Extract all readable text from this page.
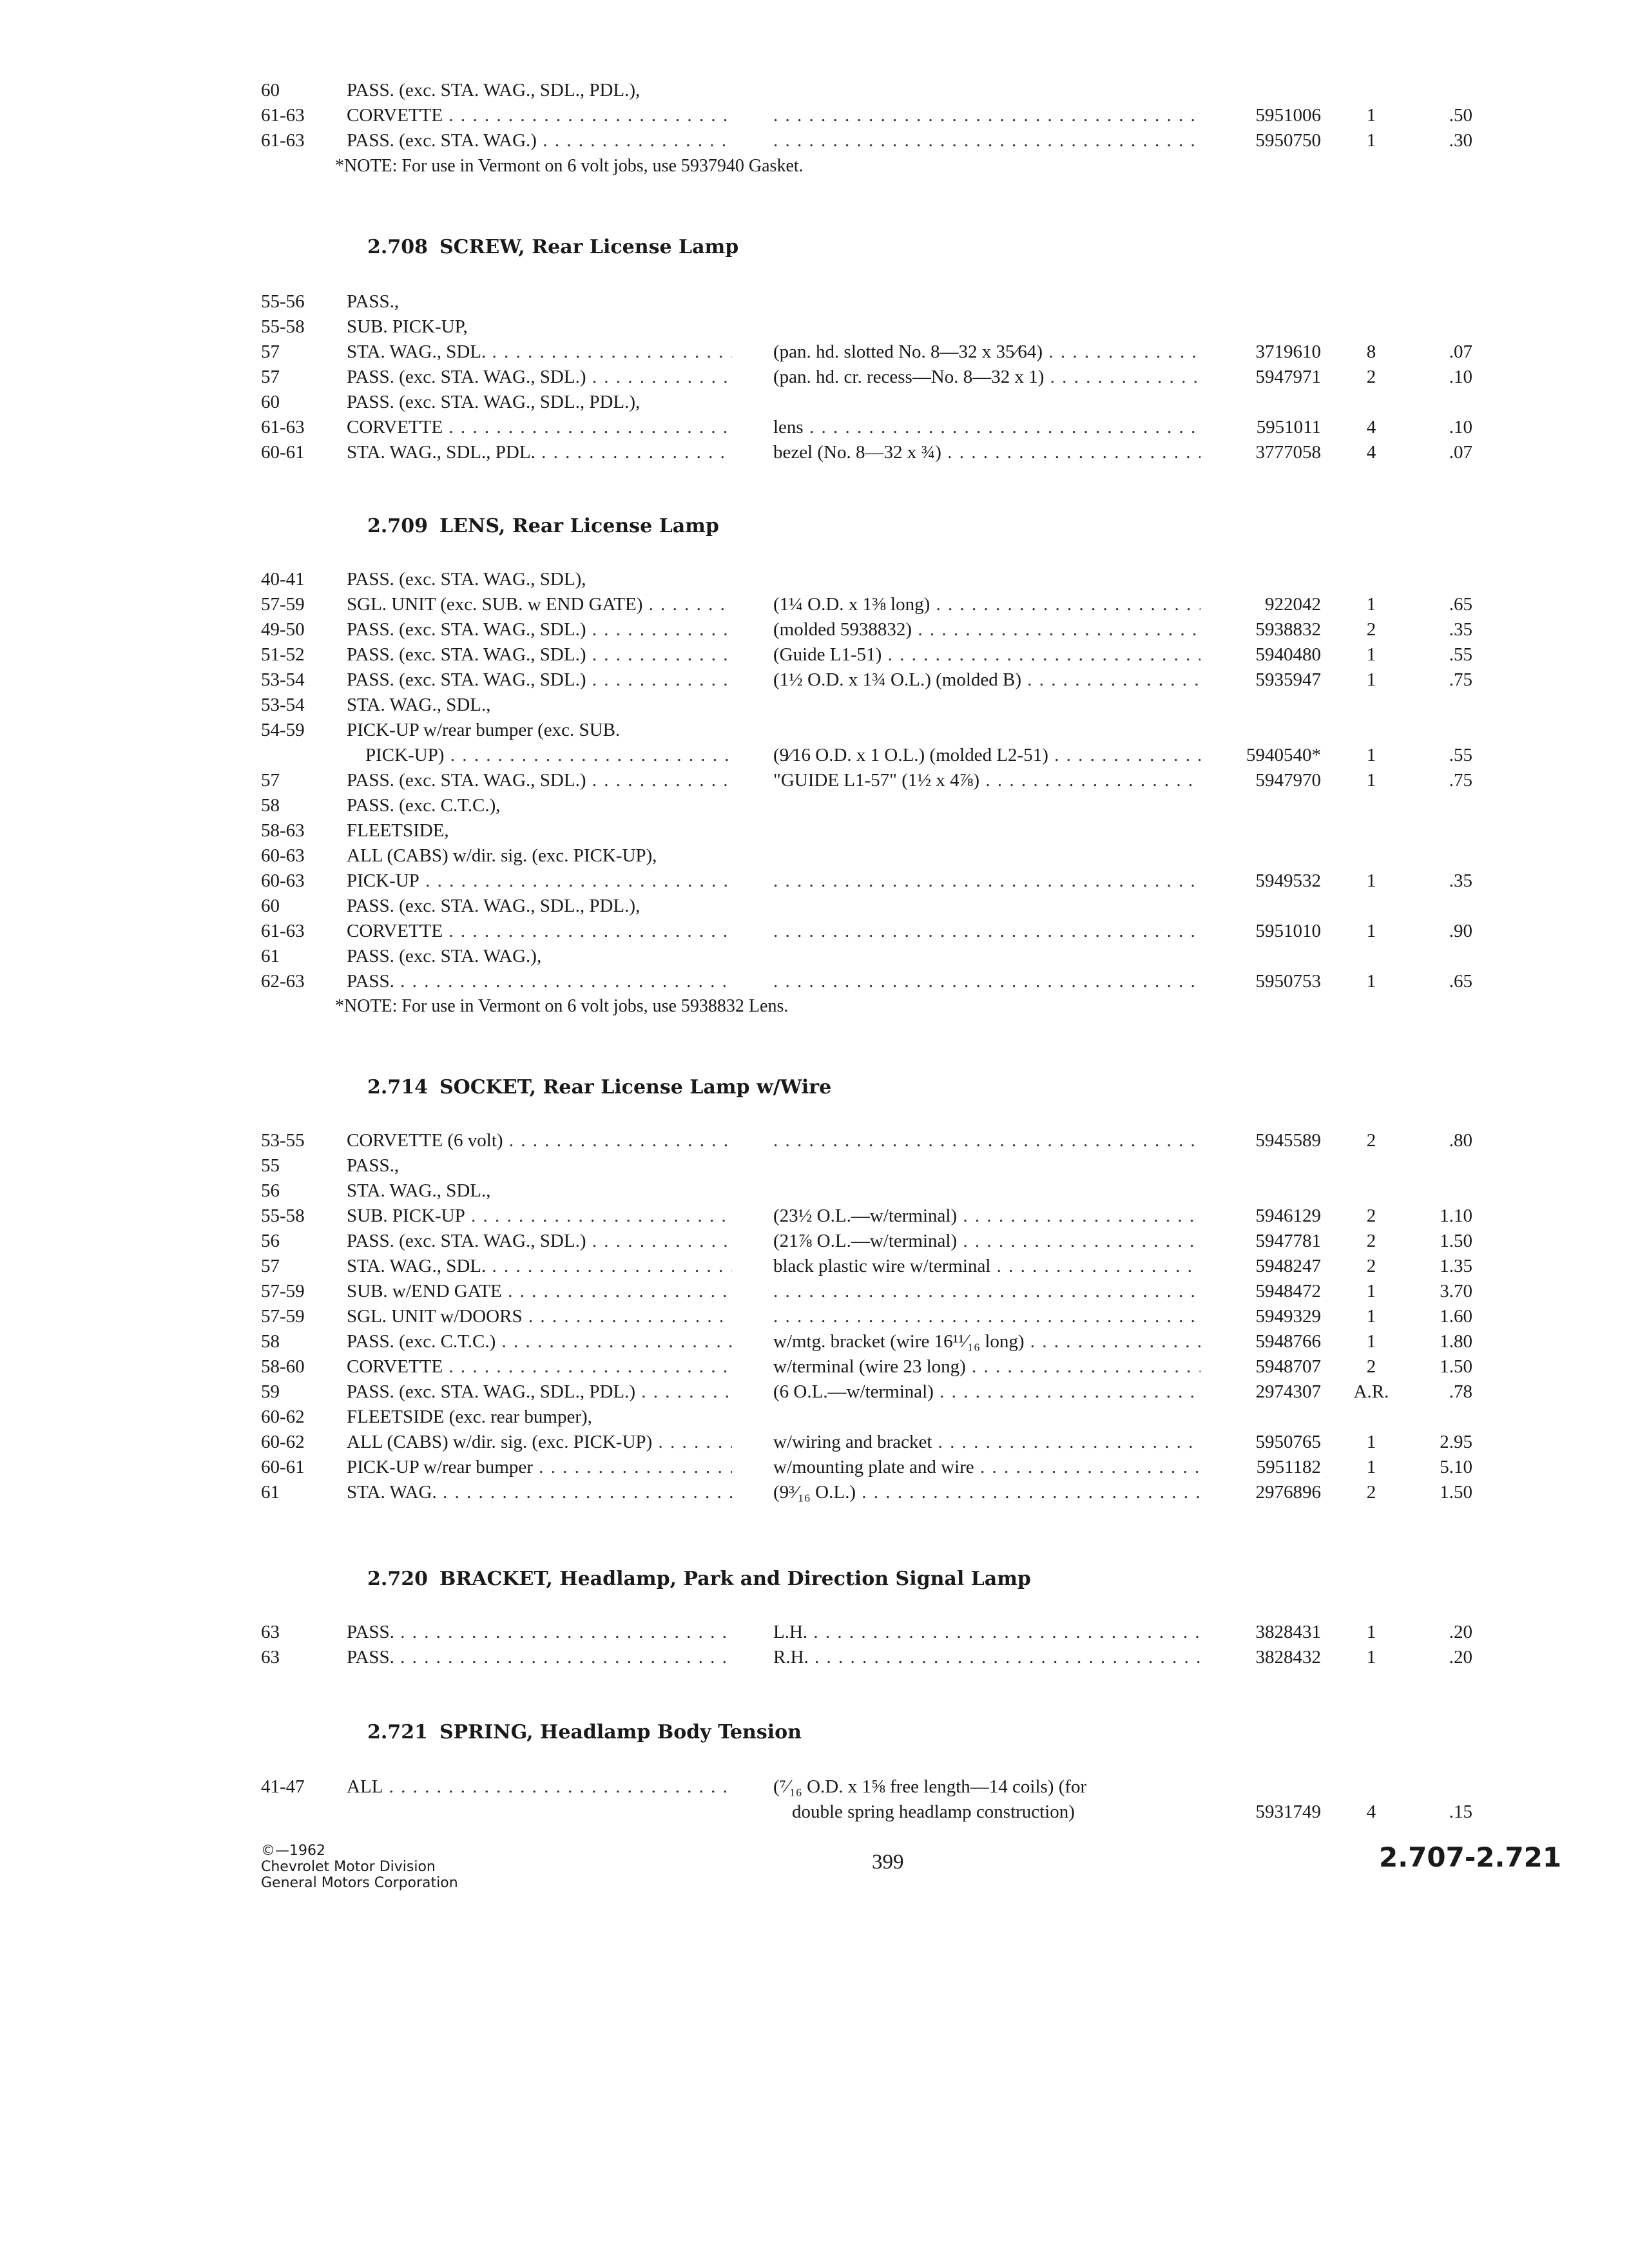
60	PASS. (exc. STA. WAG., SDL., PDL.),
61-63	CORVETTE . . . . . .	5951006	1	.50
61-63	PASS. (exc. STA. WAG.) . . . . . .	5950750	1	.30
*NOTE: For use in Vermont on 6 volt jobs, use 5937940 Gasket.
2.708 SCREW, Rear License Lamp
55-56	PASS.,
55-58	SUB. PICK-UP,
57	STA. WAG., SDL. . . .	(pan. hd. slotted No. 8—32 x 35⁄64) . . .	3719610	8	.07
57	PASS. (exc. STA. WAG., SDL.) . . .	(pan. hd. cr. recess—No. 8—32 x 1) . . .	5947971	2	.10
60	PASS. (exc. STA. WAG., SDL., PDL.),
61-63	CORVETTE . . .	lens . . .	5951011	4	.10
60-61	STA. WAG., SDL., PDL. . . .	bezel (No. 8—32 x ¾) . . .	3777058	4	.07
2.709 LENS, Rear License Lamp
40-41	PASS. (exc. STA. WAG., SDL),
57-59	SGL. UNIT (exc. SUB. w END GATE) . . .	(1¼ O.D. x 1⅜ long) . . .	922042	1	.65
49-50	PASS. (exc. STA. WAG., SDL.) . . .	(molded 5938832) . . .	5938832	2	.35
51-52	PASS. (exc. STA. WAG., SDL.) . . .	(Guide L1-51) . . .	5940480	1	.55
53-54	PASS. (exc. STA. WAG., SDL.) . . .	(1½ O.D. x 1¾ O.L.) (molded B) . . .	5935947	1	.75
53-54	STA. WAG., SDL.,
54-59	PICK-UP w/rear bumper (exc. SUB.
PICK-UP) . . .	(9⁄16 O.D. x 1 O.L.) (molded L2-51) . . .	5940540*	1	.55
57	PASS. (exc. STA. WAG., SDL.) . . .	"GUIDE L1-57" (1½ x 4⅞) . . .	5947970	1	.75
58	PASS. (exc. C.T.C.),
58-63	FLEETSIDE,
60-63	ALL (CABS) w/dir. sig. (exc. PICK-UP),
60-63	PICK-UP . . . . . .	5949532	1	.35
60	PASS. (exc. STA. WAG., SDL., PDL.),
61-63	CORVETTE . . . . . .	5951010	1	.90
61	PASS. (exc. STA. WAG.),
62-63	PASS. . . . . . .	5950753	1	.65
*NOTE: For use in Vermont on 6 volt jobs, use 5938832 Lens.
2.714 SOCKET, Rear License Lamp w/Wire
53-55	CORVETTE (6 volt) . . . . . .	5945589	2	.80
55	PASS.,
56	STA. WAG., SDL.,
55-58	SUB. PICK-UP . . .	(23½ O.L.—w/terminal) . . .	5946129	2	1.10
56	PASS. (exc. STA. WAG., SDL.) . . .	(21⅞ O.L.—w/terminal) . . .	5947781	2	1.50
57	STA. WAG., SDL. . . .	black plastic wire w/terminal . . .	5948247	2	1.35
57-59	SUB. w/END GATE . . . . . .	5948472	1	3.70
57-59	SGL. UNIT w/DOORS . . . . . .	5949329	1	1.60
58	PASS. (exc. C.T.C.) . . .	w/mtg. bracket (wire 16¹¹⁄₁₆ long) . . .	5948766	1	1.80
58-60	CORVETTE . . .	w/terminal (wire 23 long) . . .	5948707	2	1.50
59	PASS. (exc. STA. WAG., SDL., PDL.) . . .	(6 O.L.—w/terminal) . . .	2974307	A.R.	.78
60-62	FLEETSIDE (exc. rear bumper),
60-62	ALL (CABS) w/dir. sig. (exc. PICK-UP) . . .	w/wiring and bracket . . .	5950765	1	2.95
60-61	PICK-UP w/rear bumper . . .	w/mounting plate and wire . . .	5951182	1	5.10
61	STA. WAG. . . .	(9³⁄₁₆ O.L.) . . .	2976896	2	1.50
2.720 BRACKET, Headlamp, Park and Direction Signal Lamp
63	PASS. . . .	L.H. . . .	3828431	1	.20
63	PASS. . . .	R.H. . . .	3828432	1	.20
2.721 SPRING, Headlamp Body Tension
41-47	ALL . . .	(⁷⁄₁₆ O.D. x 1⅝ free length—14 coils) (for
double spring headlamp construction)	5931749	4	.15
©—1962
Chevrolet Motor Division
General Motors Corporation
399	2.707-2.721
